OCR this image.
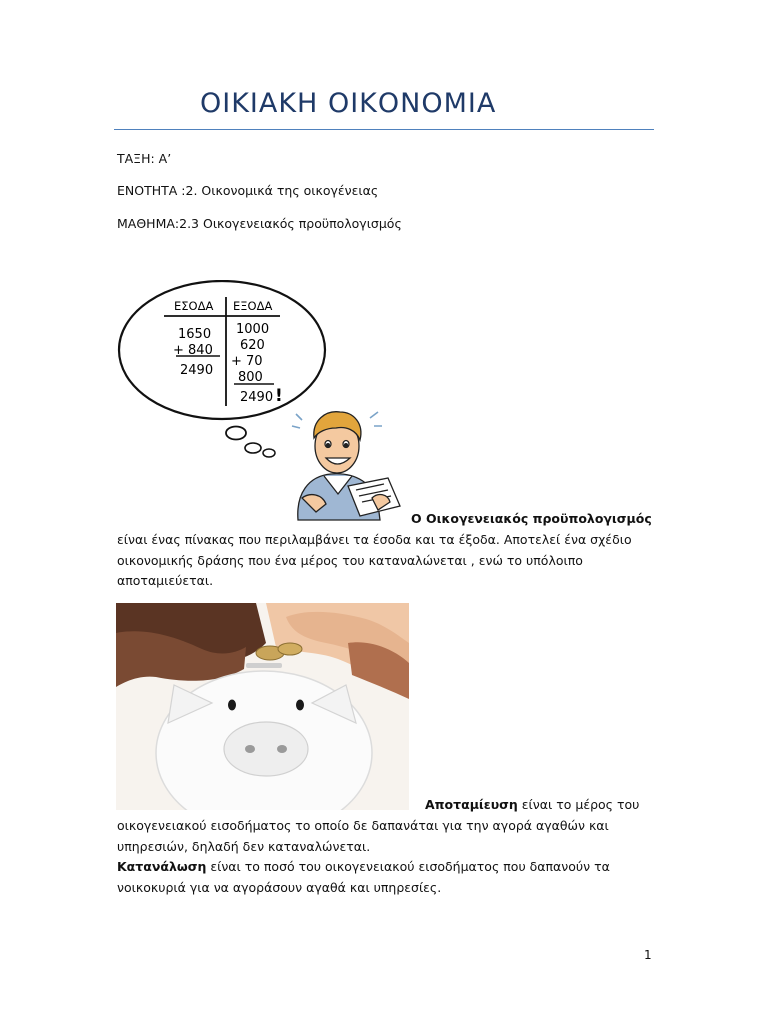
ΟΙΚΙΑΚΗ ΟΙΚΟΝΟΜΙΑ
ΤΑΞΗ: Α’
ΕΝΟΤΗΤΑ :2. Οικονομικά της οικογένειας
ΜΑΘΗΜΑ:2.3 Οικογενειακός προϋπολογισμός
ΕΣΟΔΑ ΕΞΟΔΑ
1650
+ 840
2490
1000
620
+ 70
800
2490 !
Ο Οικογενειακός προϋπολογισμός
είναι ένας πίνακας που περιλαμβάνει τα έσοδα και τα έξοδα. Αποτελεί ένα σχέδιο
οικονομικής δράσης που ένα μέρος του καταναλώνεται , ενώ το υπόλοιπο
αποταμιεύεται.
Αποταμίευση είναι το μέρος του
οικογενειακού εισοδήματος το οποίο δε δαπανάται για την αγορά αγαθών και
υπηρεσιών, δηλαδή δεν καταναλώνεται.
Κατανάλωση είναι το ποσό του οικογενειακού εισοδήματος που δαπανούν τα
νοικοκυριά για να αγοράσουν αγαθά και υπηρεσίες.
1
